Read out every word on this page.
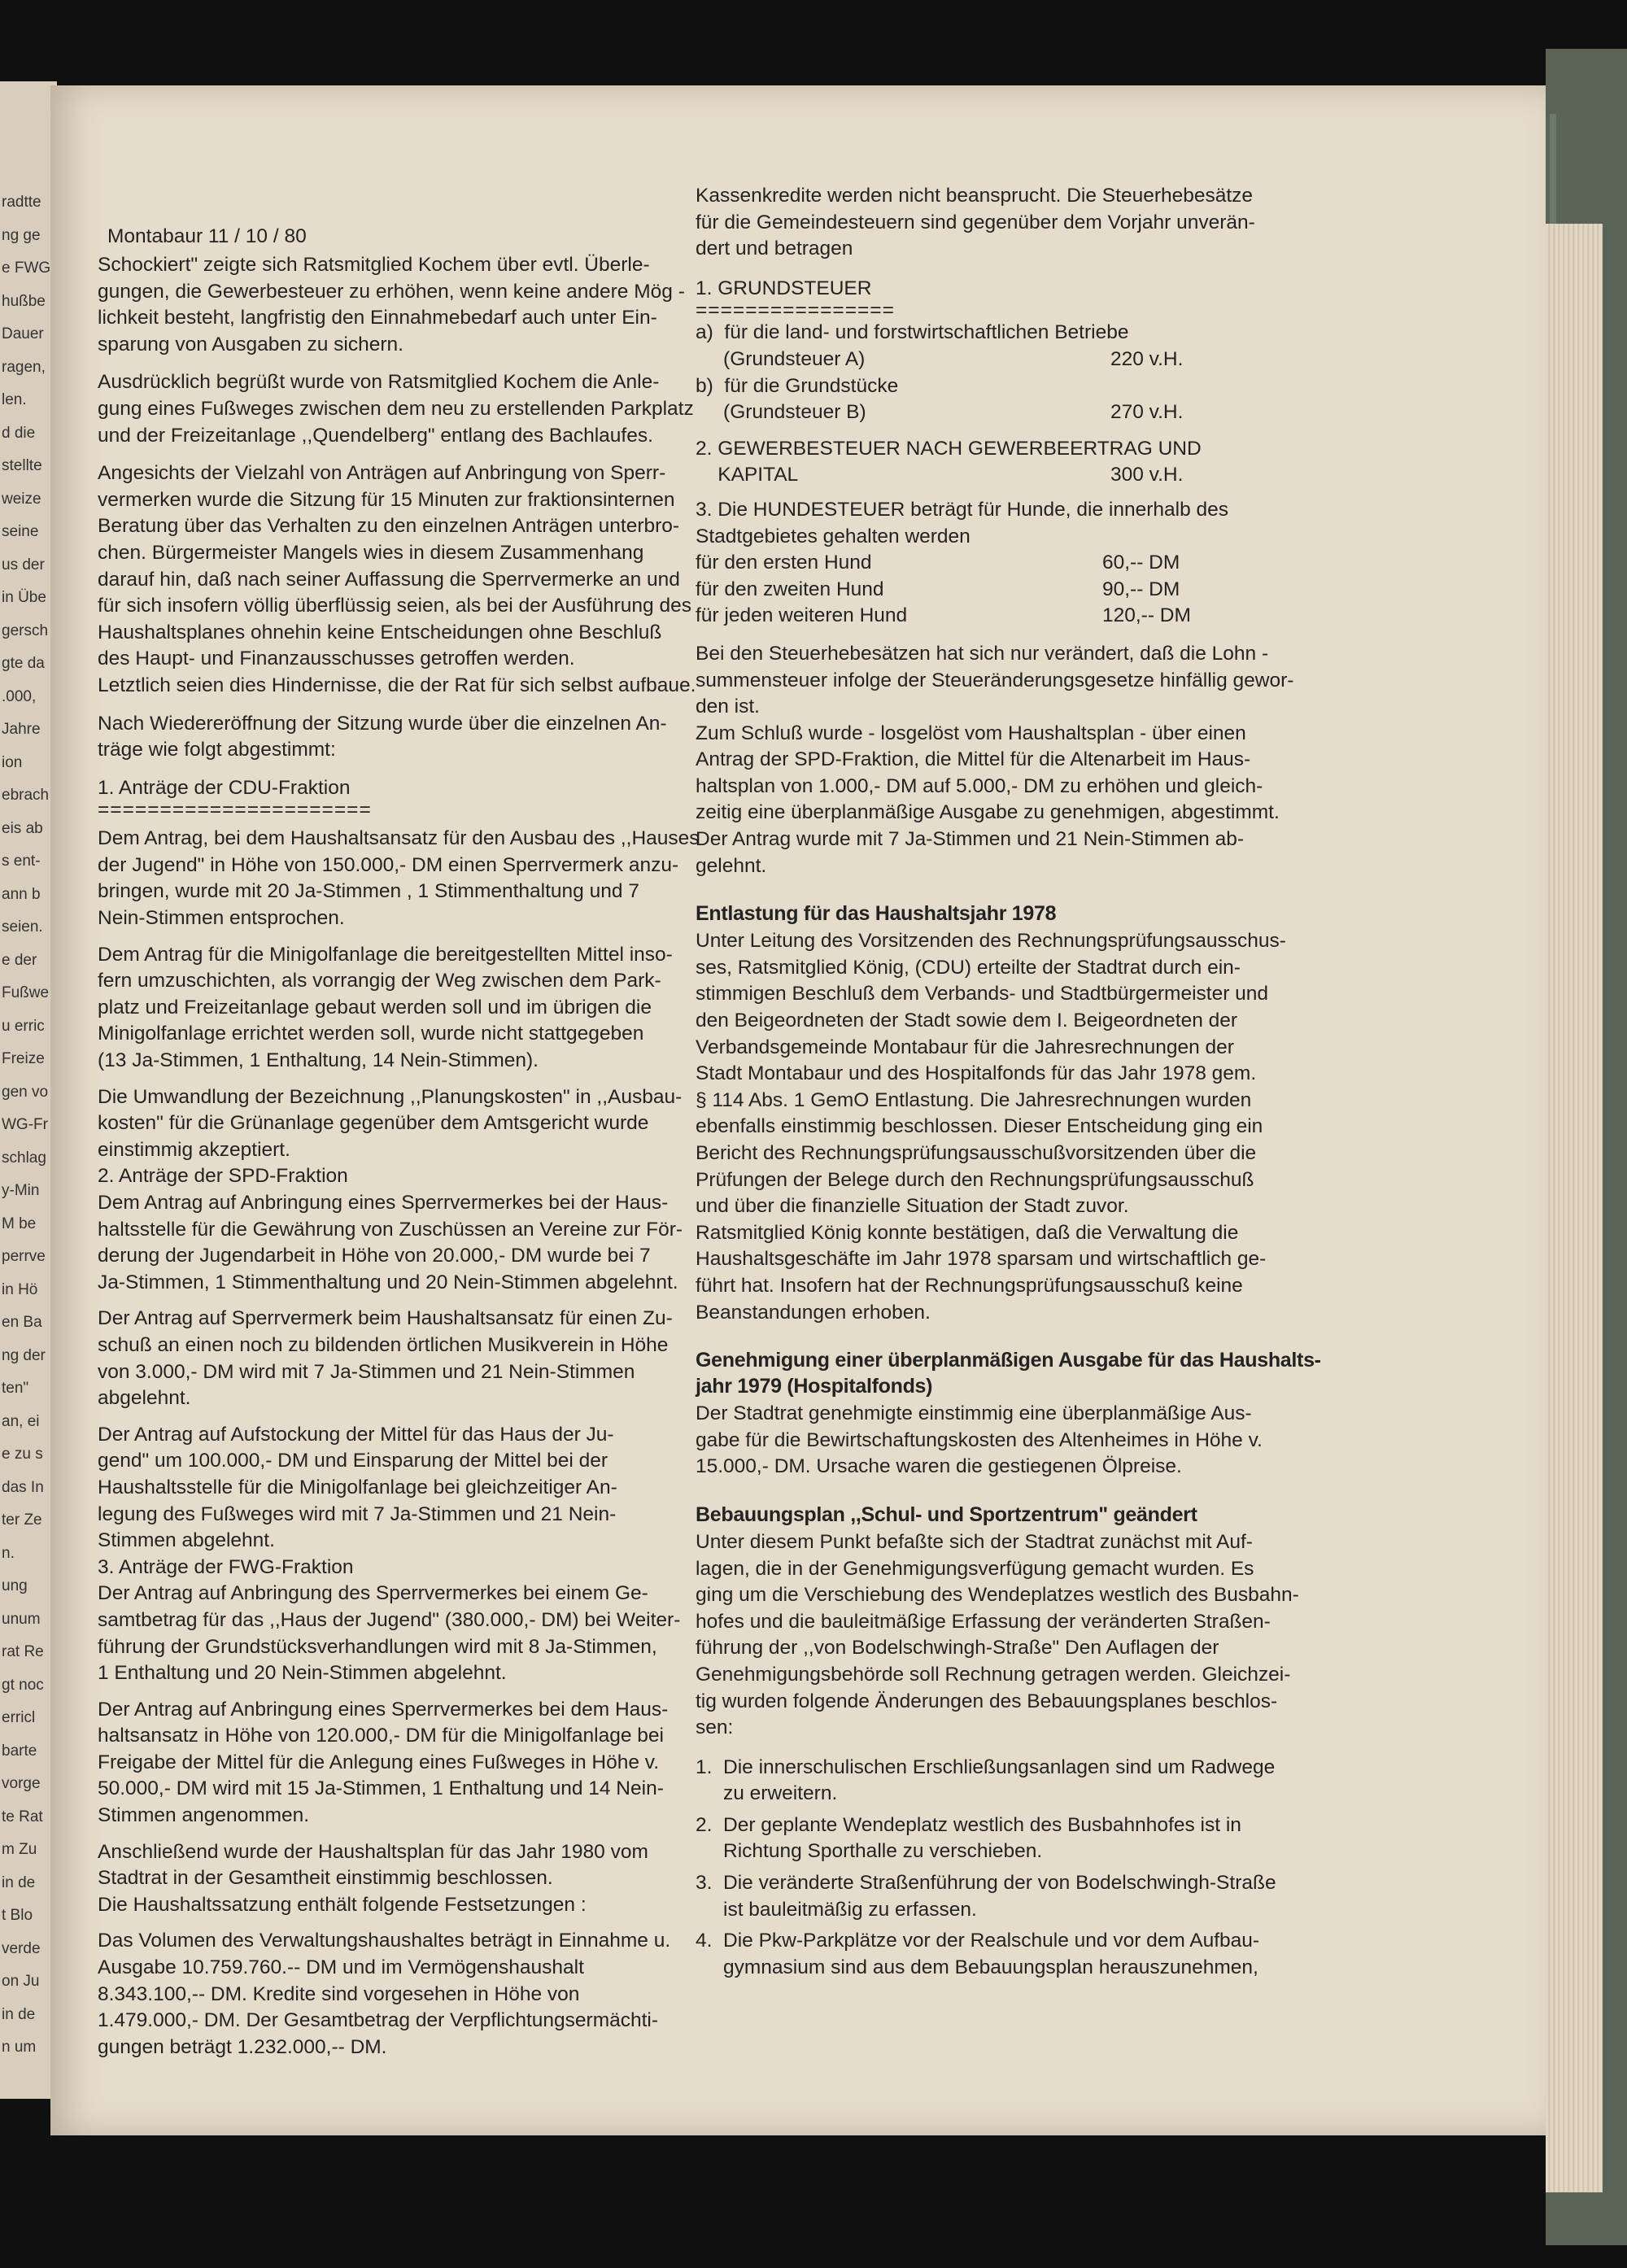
radtte
ng ge
e FWG
hußbe
Dauer
ragen,
len.
d die
stellte
weize
seine
us der
in Übe
gersch
gte da
.000,
Jahre
ion
ebrach
eis ab
s ent-
ann b
seien.
e der
Fußwe
u erric
Freize
gen vo
WG-Fr
schlag
y-Min
M be
perrve
in Hö
en Ba
ng der
ten"
an, ei
e zu s
das In
ter Ze
n.
ung
unum
rat Re
gt noc
erricl
barte
vorge
te Rat
m Zu
in de
t Blo
verde
on Ju
in de
n um
Montabaur 11 / 10 / 80

Schockiert" zeigte sich Ratsmitglied Kochem über evtl. Überle-
gungen, die Gewerbesteuer zu erhöhen, wenn keine andere Mög -
lichkeit besteht, langfristig den Einnahmebedarf auch unter Ein-
sparung von Ausgaben zu sichern.

Ausdrücklich begrüßt wurde von Ratsmitglied Kochem die Anle-
gung eines Fußweges zwischen dem neu zu erstellenden Parkplatz
und der Freizeitanlage ,,Quendelberg" entlang des Bachlaufes.

Angesichts der Vielzahl von Anträgen auf Anbringung von Sperr-
vermerken wurde die Sitzung für 15 Minuten zur fraktionsinternen
Beratung über das Verhalten zu den einzelnen Anträgen unterbro-
chen. Bürgermeister Mangels wies in diesem Zusammenhang
darauf hin, daß nach seiner Auffassung die Sperrvermerke an und
für sich insofern völlig überflüssig seien, als bei der Ausführung des
Haushaltsplanes ohnehin keine Entscheidungen ohne Beschluß
des Haupt- und Finanzausschusses getroffen werden.
Letztlich seien dies Hindernisse, die der Rat für sich selbst aufbaue.

Nach Wiedereröffnung der Sitzung wurde über die einzelnen An-
träge wie folgt abgestimmt:

1. Anträge der CDU-Fraktion
======================

Dem Antrag, bei dem Haushaltsansatz für den Ausbau des ,,Hauses
der Jugend" in Höhe von 150.000,- DM einen Sperrvermerk anzu-
bringen, wurde mit 20 Ja-Stimmen , 1 Stimmenthaltung und 7
Nein-Stimmen entsprochen.

Dem Antrag für die Minigolfanlage die bereitgestellten Mittel inso-
fern umzuschichten, als vorrangig der Weg zwischen dem Park-
platz und Freizeitanlage gebaut werden soll und im übrigen die
Minigolfanlage errichtet werden soll, wurde nicht stattgegeben
(13 Ja-Stimmen, 1 Enthaltung, 14 Nein-Stimmen).

Die Umwandlung der Bezeichnung ,,Planungskosten" in ,,Ausbau-
kosten" für die Grünanlage gegenüber dem Amtsgericht wurde
einstimmig akzeptiert.

2. Anträge der SPD-Fraktion

Dem Antrag auf Anbringung eines Sperrvermerkes bei der Haus-
haltsstelle für die Gewährung von Zuschüssen an Vereine zur För-
derung der Jugendarbeit in Höhe von 20.000,- DM wurde bei 7
Ja-Stimmen, 1 Stimmenthaltung und 20 Nein-Stimmen abgelehnt.

Der Antrag auf Sperrvermerk beim Haushaltsansatz für einen Zu-
schuß an einen noch zu bildenden örtlichen Musikverein in Höhe
von 3.000,- DM wird mit 7 Ja-Stimmen und 21 Nein-Stimmen
abgelehnt.

Der Antrag auf Aufstockung der Mittel für das Haus der Ju-
gend" um 100.000,- DM und Einsparung der Mittel bei der
Haushaltsstelle für die Minigolfanlage bei gleichzeitiger An-
legung des Fußweges wird mit 7 Ja-Stimmen und 21 Nein-
Stimmen abgelehnt.

3. Anträge der FWG-Fraktion

Der Antrag auf Anbringung des Sperrvermerkes bei einem Ge-
samtbetrag für das ,,Haus der Jugend" (380.000,- DM) bei Weiter-
führung der Grundstücksverhandlungen wird mit 8 Ja-Stimmen,
1 Enthaltung und 20 Nein-Stimmen abgelehnt.

Der Antrag auf Anbringung eines Sperrvermerkes bei dem Haus-
haltsansatz in Höhe von 120.000,- DM für die Minigolfanlage bei
Freigabe der Mittel für die Anlegung eines Fußweges in Höhe v.
50.000,- DM wird mit 15 Ja-Stimmen, 1 Enthaltung und 14 Nein-
Stimmen angenommen.

Anschließend wurde der Haushaltsplan für das Jahr 1980 vom
Stadtrat in der Gesamtheit einstimmig beschlossen.
Die Haushaltssatzung enthält folgende Festsetzungen :

Das Volumen des Verwaltungshaushaltes beträgt in Einnahme u.
Ausgabe 10.759.760.-- DM und im Vermögenshaushalt
8.343.100,-- DM. Kredite sind vorgesehen in Höhe von
1.479.000,- DM. Der Gesamtbetrag der Verpflichtungsermächti-
gungen beträgt 1.232.000,-- DM.

Kassenkredite werden nicht beansprucht. Die Steuerhebesätze
für die Gemeindesteuern sind gegenüber dem Vorjahr unverän-
dert und betragen

1. GRUNDSTEUER
================
a)  für die land- und forstwirtschaftlichen Betriebe
(Grundsteuer A)	220 v.H.
b)  für die Grundstücke
(Grundsteuer B)	270 v.H.
2. GEWERBESTEUER NACH GEWERBEERTRAG UND
KAPITAL	300 v.H.

3. Die HUNDESTEUER beträgt für Hunde, die innerhalb des
Stadtgebietes gehalten werden

für den ersten Hund	60,-- DM
für den zweiten Hund	90,-- DM
für jeden weiteren Hund	120,-- DM

Bei den Steuerhebesätzen hat sich nur verändert, daß die Lohn -
summensteuer infolge der Steueränderungsgesetze hinfällig gewor-
den ist.
Zum Schluß wurde - losgelöst vom Haushaltsplan - über einen
Antrag der SPD-Fraktion, die Mittel für die Altenarbeit im Haus-
haltsplan von 1.000,- DM auf 5.000,- DM zu erhöhen und gleich-
zeitig eine überplanmäßige Ausgabe zu genehmigen, abgestimmt.
Der Antrag wurde mit 7 Ja-Stimmen und 21 Nein-Stimmen ab-
gelehnt.

Entlastung für das Haushaltsjahr 1978

Unter Leitung des Vorsitzenden des Rechnungsprüfungsausschus-
ses, Ratsmitglied König, (CDU) erteilte der Stadtrat durch ein-
stimmigen Beschluß dem Verbands- und Stadtbürgermeister und
den Beigeordneten der Stadt sowie dem I. Beigeordneten der
Verbandsgemeinde Montabaur für die Jahresrechnungen der
Stadt Montabaur und des Hospitalfonds für das Jahr 1978 gem.
§ 114 Abs. 1 GemO Entlastung. Die Jahresrechnungen wurden
ebenfalls einstimmig beschlossen. Dieser Entscheidung ging ein
Bericht des Rechnungsprüfungsausschußvorsitzenden über die
Prüfungen der Belege durch den Rechnungsprüfungsausschuß
und über die finanzielle Situation der Stadt zuvor.
Ratsmitglied König konnte bestätigen, daß die Verwaltung die
Haushaltsgeschäfte im Jahr 1978 sparsam und wirtschaftlich ge-
führt hat. Insofern hat der Rechnungsprüfungsausschuß keine
Beanstandungen erhoben.

Genehmigung einer überplanmäßigen Ausgabe für das Haushalts-
jahr 1979 (Hospitalfonds)

Der Stadtrat genehmigte einstimmig eine überplanmäßige Aus-
gabe für die Bewirtschaftungskosten des Altenheimes in Höhe v.
15.000,- DM. Ursache waren die gestiegenen Ölpreise.

Bebauungsplan ,,Schul- und Sportzentrum" geändert

Unter diesem Punkt befaßte sich der Stadtrat zunächst mit Auf-
lagen, die in der Genehmigungsverfügung gemacht wurden. Es
ging um die Verschiebung des Wendeplatzes westlich des Busbahn-
hofes und die bauleitmäßige Erfassung der veränderten Straßen-
führung der ,,von Bodelschwingh-Straße" Den Auflagen der
Genehmigungsbehörde soll Rechnung getragen werden. Gleichzei-
tig wurden folgende Änderungen des Bebauungsplanes beschlos-
sen:

1. Die innerschulischen Erschließungsanlagen sind um Radwege
zu erweitern.
2. Der geplante Wendeplatz westlich des Busbahnhofes ist in
Richtung Sporthalle zu verschieben.
3. Die veränderte Straßenführung der von Bodelschwingh-Straße
ist bauleitmäßig zu erfassen.
4. Die Pkw-Parkplätze vor der Realschule und vor dem Aufbau-
gymnasium sind aus dem Bebauungsplan herauszunehmen,
